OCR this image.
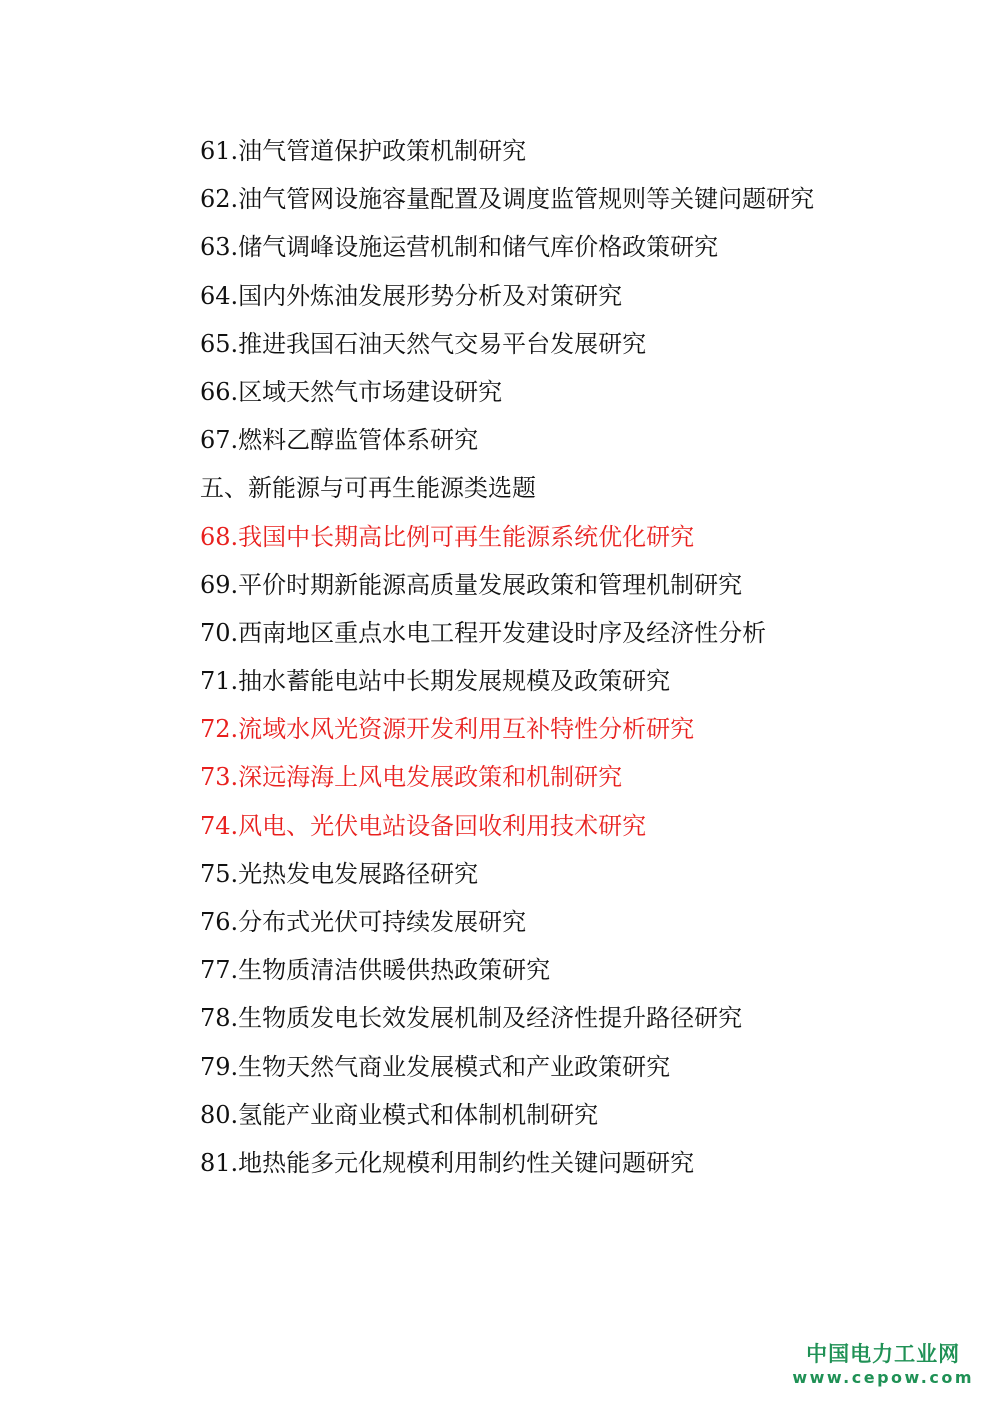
61.油气管道保护政策机制研究
62.油气管网设施容量配置及调度监管规则等关键问题研究
63.储气调峰设施运营机制和储气库价格政策研究
64.国内外炼油发展形势分析及对策研究
65.推进我国石油天然气交易平台发展研究
66.区域天然气市场建设研究
67.燃料乙醇监管体系研究
五、新能源与可再生能源类选题
68.我国中长期高比例可再生能源系统优化研究
69.平价时期新能源高质量发展政策和管理机制研究
70.西南地区重点水电工程开发建设时序及经济性分析
71.抽水蓄能电站中长期发展规模及政策研究
72.流域水风光资源开发利用互补特性分析研究
73.深远海海上风电发展政策和机制研究
74.风电、光伏电站设备回收利用技术研究
75.光热发电发展路径研究
76.分布式光伏可持续发展研究
77.生物质清洁供暖供热政策研究
78.生物质发电长效发展机制及经济性提升路径研究
79.生物天然气商业发展模式和产业政策研究
80.氢能产业商业模式和体制机制研究
81.地热能多元化规模利用制约性关键问题研究
中国电力工业网
www.cepow.com
